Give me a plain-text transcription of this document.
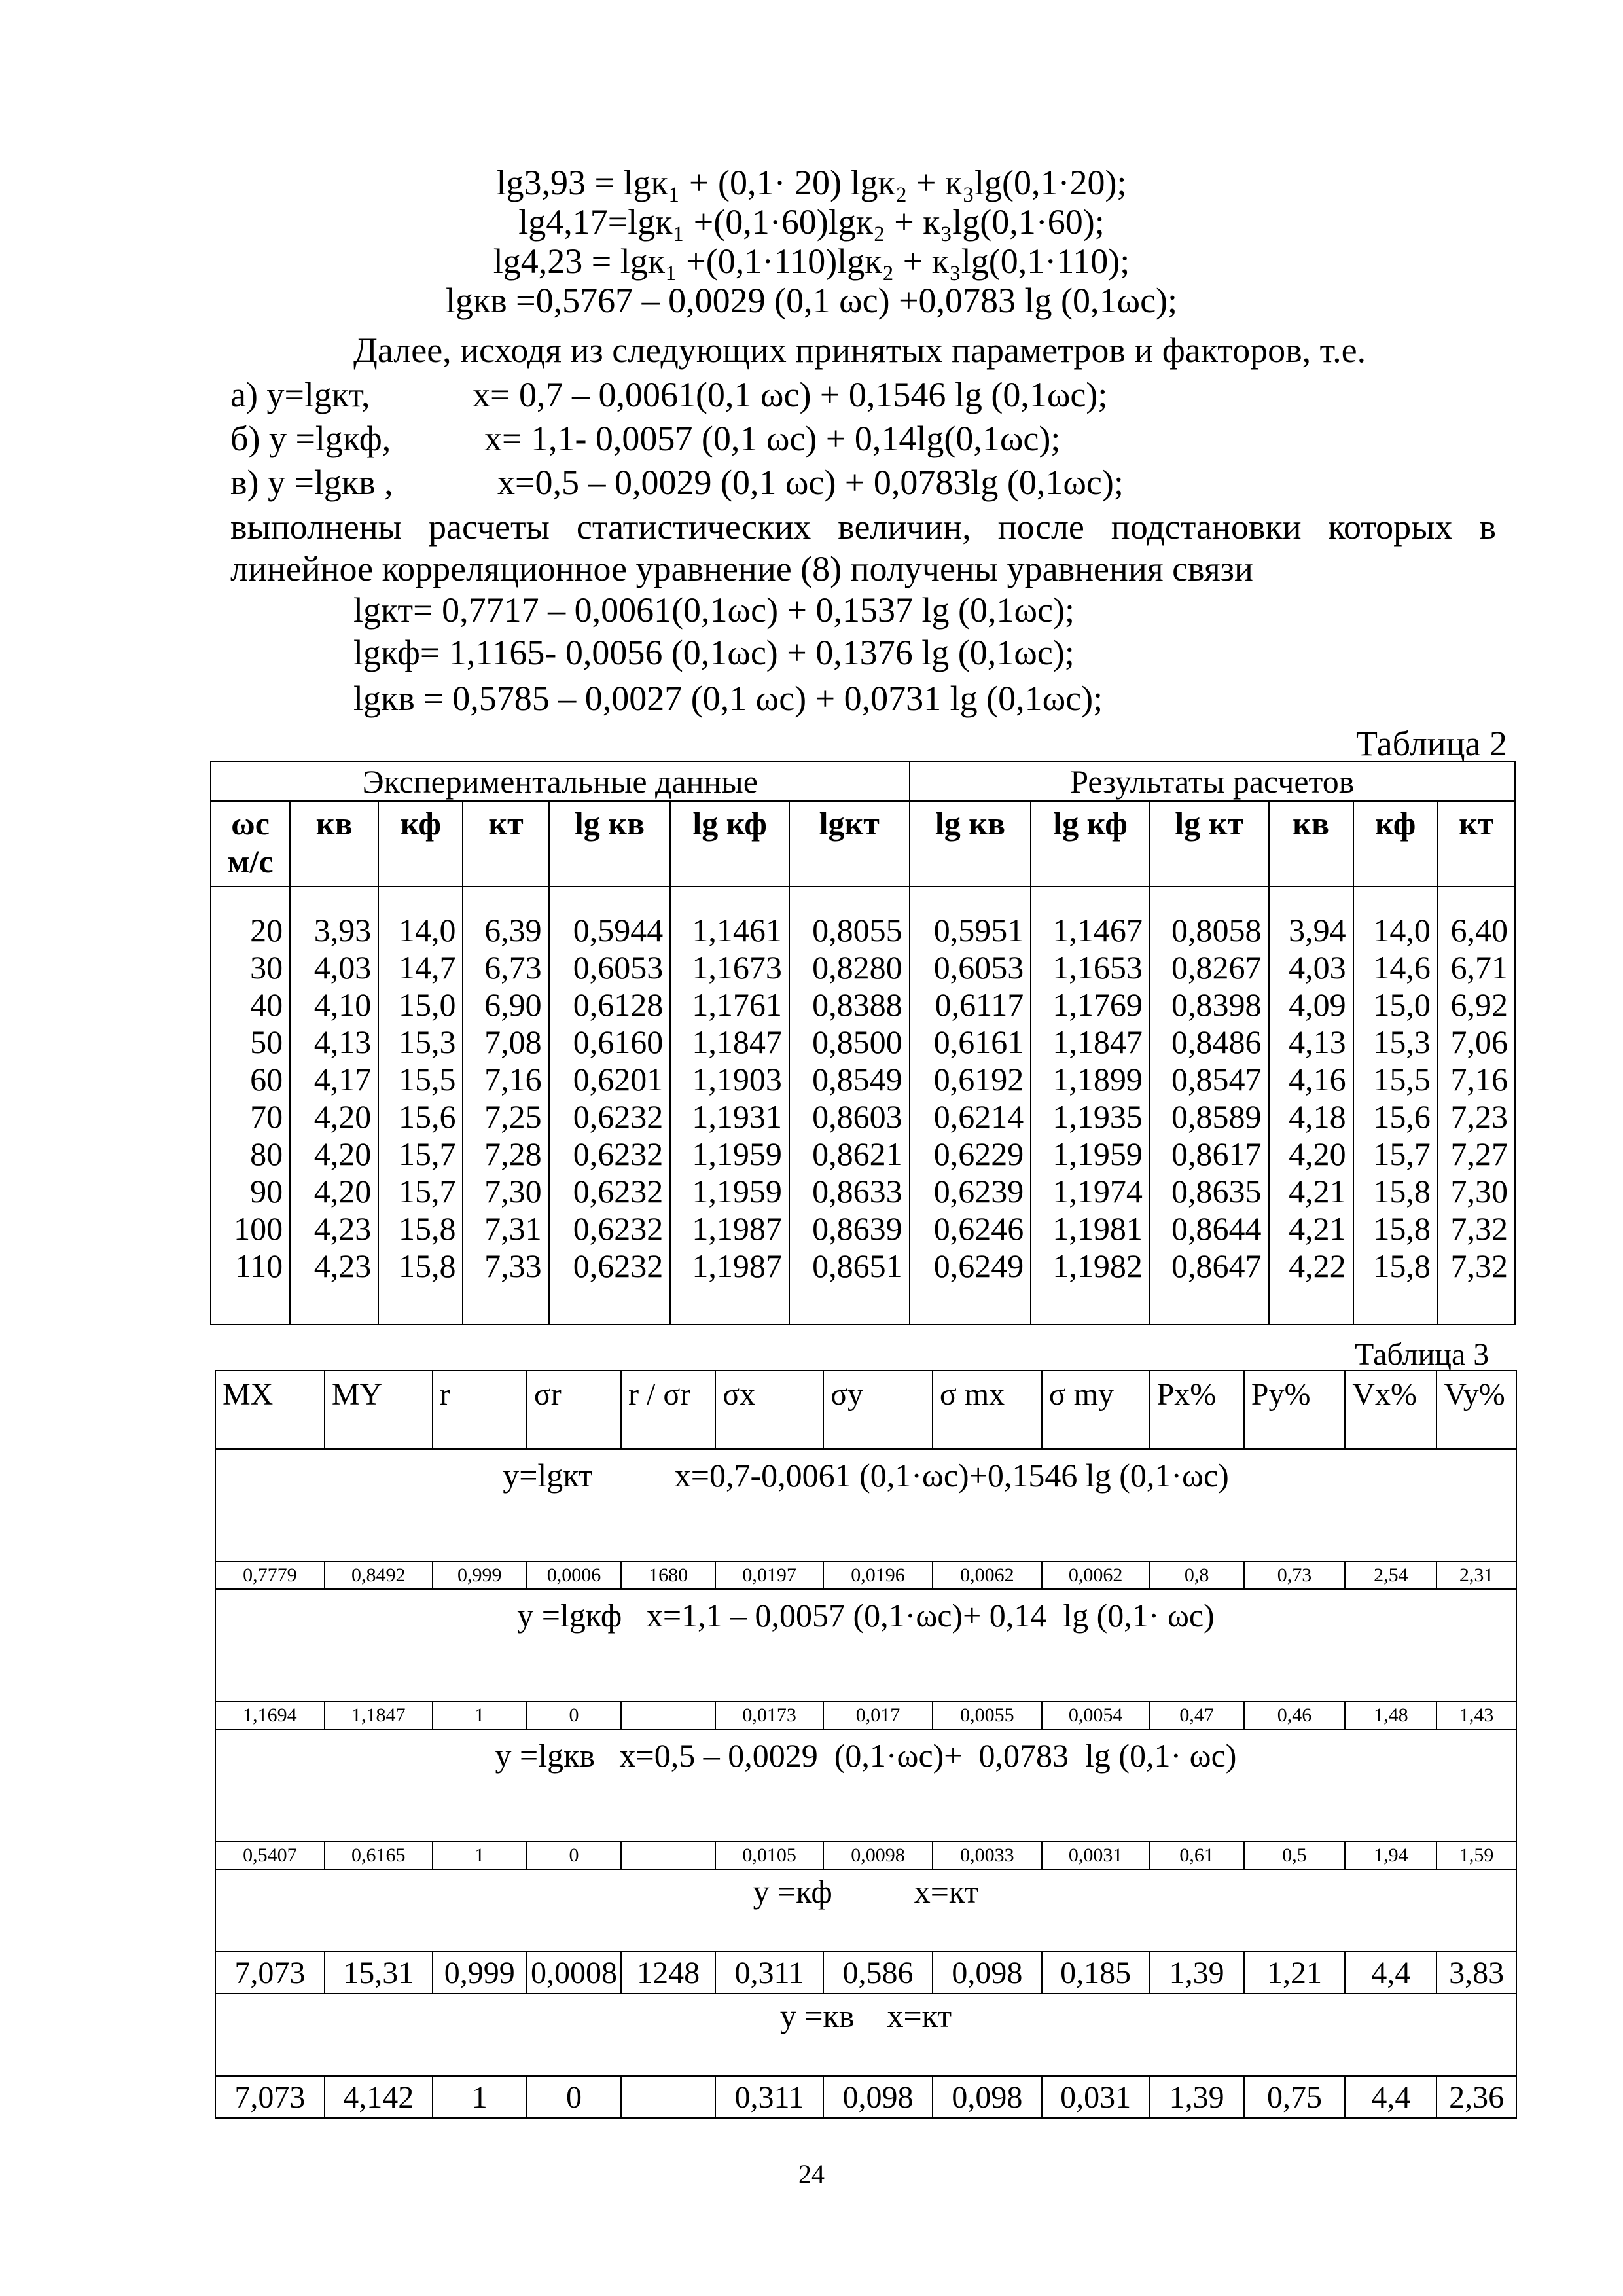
lg3,93 = lgк₁ + (0,1· 20) lgк₂ + к₃lg(0,1·20);
lg4,17=lgк₁ +(0,1·60)lgк₂ + к₃lg(0,1·60);
lg4,23 = lgк₁ +(0,1·110)lgк₂ + к₃lg(0,1·110);
lgкв =0,5767 – 0,0029 (0,1 ωс) +0,0783 lg (0,1ωс);
Далее, исходя из следующих принятых параметров и факторов, т.е.
а) y=lgкт,	x= 0,7 – 0,0061(0,1 ωс) + 0,1546 lg (0,1ωс);
б) y =lgкф,	x= 1,1- 0,0057 (0,1 ωс) + 0,14lg(0,1ωс);
в) y =lgкв ,	x=0,5 – 0,0029 (0,1 ωс) + 0,0783lg (0,1ωс);
выполнены расчеты статистических величин, после подстановки которых в
линейное корреляционное уравнение (8) получены уравнения связи
lgкт= 0,7717 – 0,0061(0,1ωс) + 0,1537 lg (0,1ωс);
lgкф= 1,1165- 0,0056 (0,1ωс) + 0,1376 lg (0,1ωс);
lgкв = 0,5785 – 0,0027 (0,1 ωс) + 0,0731 lg (0,1ωс);
Таблица 2
Экспериментальные данные							Результаты расчетов					
ωс м/с	кв	кф	кт	lg кв	lg кф	lgкт	lg кв	lg кф	lg кт	кв	кф	кт

20	3,93	14,0	6,39	0,5944	1,1461	0,8055	0,5951	1,1467	0,8058	3,94	14,0	6,40
30	4,03	14,7	6,73	0,6053	1,1673	0,8280	0,6053	1,1653	0,8267	4,03	14,6	6,71
40	4,10	15,0	6,90	0,6128	1,1761	0,8388	0,6117	1,1769	0,8398	4,09	15,0	6,92
50	4,13	15,3	7,08	0,6160	1,1847	0,8500	0,6161	1,1847	0,8486	4,13	15,3	7,06
60	4,17	15,5	7,16	0,6201	1,1903	0,8549	0,6192	1,1899	0,8547	4,16	15,5	7,16
70	4,20	15,6	7,25	0,6232	1,1931	0,8603	0,6214	1,1935	0,8589	4,18	15,6	7,23
80	4,20	15,7	7,28	0,6232	1,1959	0,8621	0,6229	1,1959	0,8617	4,20	15,7	7,27
90	4,20	15,7	7,30	0,6232	1,1959	0,8633	0,6239	1,1974	0,8635	4,21	15,8	7,30
100	4,23	15,8	7,31	0,6232	1,1987	0,8639	0,6246	1,1981	0,8644	4,21	15,8	7,32
110	4,23	15,8	7,33	0,6232	1,1987	0,8651	0,6249	1,1982	0,8647	4,22	15,8	7,32

Таблица 3
MX	MY	r	σr	r / σr	σx	σy	σ mx	σ my	Px%	Py%	Vx%	Vy%
y=lgкт          x=0,7-0,0061 (0,1·ωс)+0,1546 lg (0,1·ωс)												
0,7779	0,8492	0,999	0,0006	1680	0,0197	0,0196	0,0062	0,0062	0,8	0,73	2,54	2,31
y =lgкф   x=1,1 – 0,0057 (0,1·ωс)+ 0,14  lg (0,1· ωс)												
1,1694	1,1847	1	0		0,0173	0,017	0,0055	0,0054	0,47	0,46	1,48	1,43
y =lgкв   x=0,5 – 0,0029  (0,1·ωс)+  0,0783  lg (0,1· ωс)												
0,5407	0,6165	1	0		0,0105	0,0098	0,0033	0,0031	0,61	0,5	1,94	1,59
y =кф          x=кт												
7,073	15,31	0,999	0,0008	1248	0,311	0,586	0,098	0,185	1,39	1,21	4,4	3,83
y =кв    x=кт												
7,073	4,142	1	0		0,311	0,098	0,098	0,031	1,39	0,75	4,4	2,36
24
